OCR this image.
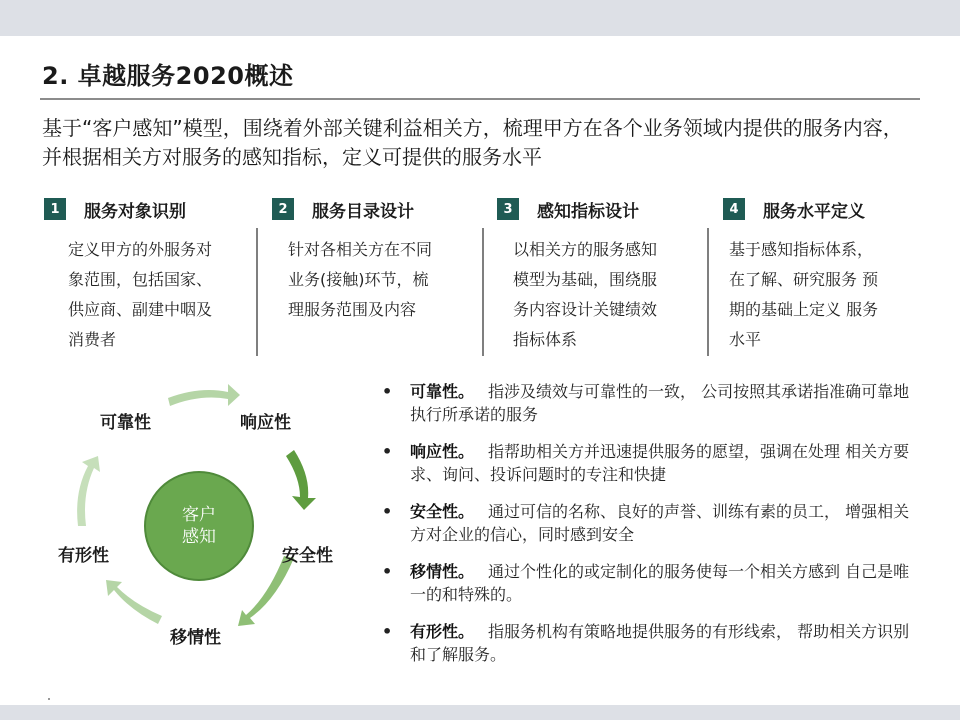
2. 卓越服务2020概述
基于“客户感知”模型，围绕着外部关键利益相关方，梳理甲方在各个业务领域内提供的服务内容，并根据相关方对服务的感知指标，定义可提供的服务水平
1	服务对象识别
定义甲方的外服务对象范围，包括国家、供应商、副建中咽及消费者
2	服务目录设计
针对各相关方在不同业务(接触)环节，梳理服务范围及内容
3	感知指标设计
以相关方的服务感知模型为基础，围绕服务内容设计关键绩效指标体系
4	服务水平定义
基于感知指标体系， 在了解、研究服务 预期的基础上定义 服务水平
客户
感知
可靠性	响应性
安全性
移情性
有形性
• 可靠性。 指涉及绩效与可靠性的一致， 公司按照其承诺指准确可靠地执行所承诺的服务
• 响应性。 指帮助相关方并迅速提供服务的愿望，强调在处理 相关方要求、询问、投诉问题时的专注和快捷
• 安全性。 通过可信的名称、良好的声誉、训练有素的员工， 增强相关方对企业的信心，同时感到安全
• 移情性。 通过个性化的或定制化的服务使每一个相关方感到 自己是唯一的和特殊的。
• 有形性。 指服务机构有策略地提供服务的有形线索， 帮助相关方识别和了解服务。
